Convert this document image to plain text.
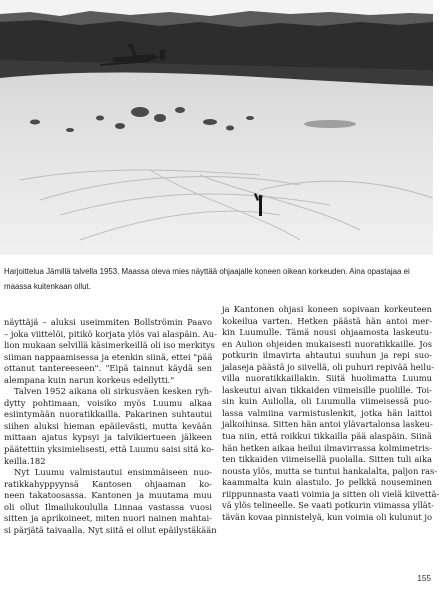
Harjoittelua Jämillä talvella 1953. Maassa oleva mies näyttää ohjaajalle koneen oikean korkeuden. Aina opastajaa ei
maassa kuitenkaan ollut.
näyttäjä – aluksi useimmiten Bollströmin Paavo
– joka viittelöi, pitikö korjata ylös vai alaspäin. Au-
lion mukaan selvillä käsimerkeillä oli iso merkitys
siiman nappaamisessa ja etenkin siinä, ettei "pää
ottanut tantereeseen". "Eipä tainnut käydä sen
alempana kuin narun korkeus edellytti."
Talven 1952 aikana oli sirkusväen kesken ryh-
dytty pohtimaan, voisiko myös Luumu alkaa
esiintymään nuoratikkailla. Pakarinen suhtautui
siihen aluksi hieman epäilevästi, mutta kevään
mittaan ajatus kypsyi ja talvikiertueen jälkeen
päätettiin yksimielisesti, että Luumu saisi sitä ko-
keilla.182
Nyt Luumu valmistautui ensimmäiseen nuo-
ratikkahyppyynsä Kantosen ohjaaman ko-
neen takatoosassa. Kantonen ja muutama muu
oli ollut Ilmailukoululla Linnaa vastassa vuosi
sitten ja aprikoineet, miten nuori nainen mahtai-
si pärjätä taivaalla. Nyt siitä ei ollut epäilystäkään
ja Kantonen ohjasi koneen sopivaan korkeuteen
kokeilua varten. Hetken päästä hän antoi mer-
kin Luumulle. Tämä nousi ohjaamosta laskeutu-
en Aulion ohjeiden mukaisesti nuoratikkaille. Jos
potkurin ilmavirta ahtautui suuhun ja repi suo-
jalaseja päästä jo siivellä, oli puhuri repivää heilu-
villa nuoratikkaillakin. Siitä huolimatta Luumu
laskeutui aivan tikkaiden viimeisille puolille. Toi-
sin kuin Auliolla, oli Luumulla viimeisessä puo-
lassa valmiina varmistuslenkit, jotka hän laittoi
jalkoihinsa. Sitten hän antoi ylävartalonsa laskeu-
tua niin, että roikkui tikkailla pää alaspäin. Siinä
hän hetken aikaa heilui ilmavirrassa kolmimetris-
ten tikkaiden viimeisellä puolalla. Sitten tuli aika
nousta ylös, mutta se tuntui hankalalta, paljon ras-
kaammalta kuin alastulo. Jo pelkkä nouseminen
riippunnasta vaati voimia ja sitten oli vielä kiivettä-
vä ylös telineelle. Se vaati potkurin viimassa yllät-
tävän kovaa pinnistelyä, kun voimia oli kulunut jo
155
